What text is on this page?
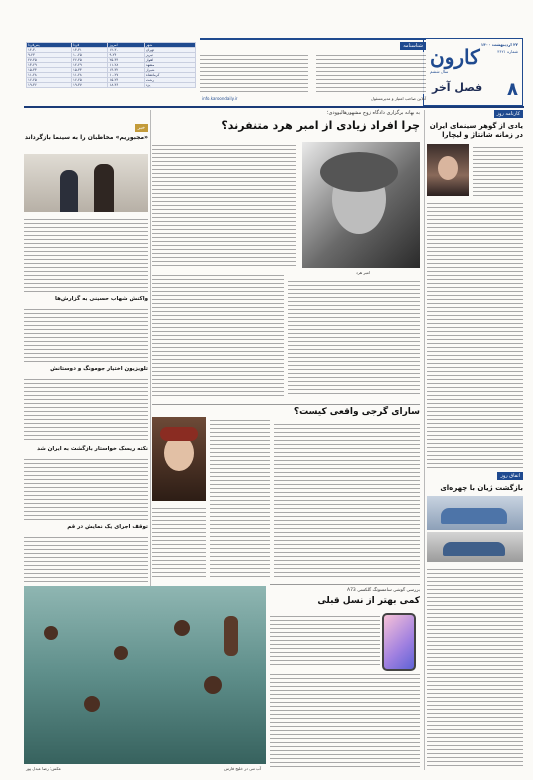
۲۲ اردیبهشت ۱۴۰۰
شماره ۳۶۲۱
کارون
سال ششم
۸
فصل آخر
شناسنامه
آنلاین صاحب امتیاز و مدیرمسئول
info.karoondaily.ir
پس‌فردا	فردا	امروز	شهر
۱۴-۳۰	۱۳-۳۱	۱۲-۳۰	تهران
۹-۲۳	۱۰-۲۵	۹-۲۴	تبریز
۲۷-۴۵	۲۶-۴۵	۲۵-۴۴	اهواز
۱۳-۲۹	۱۲-۲۹	۱۱-۲۸	مشهد
۱۵-۳۳	۱۵-۳۳	۱۴-۳۲	شیراز
۱۱-۲۸	۱۱-۲۸	۱۰-۲۷	کرمانشاه
۱۶-۲۵	۱۶-۲۵	۱۵-۲۴	رشت
۱۹-۳۶	۱۹-۳۷	۱۸-۳۶	یزد
کارنامه روز
یادی از گوهر سینمای ایران در زمانه شانتاژ و لیچارا
اتفاق روز
بازگشت ژیان با چهره‌ای
به بهانه برگزاری دادگاه زوج مشهورهالیوودی؛
چرا افراد زیادی از امبر هرد متنفرند؟
امبر هرد
خبر
«مجبوریم» مخاطبان را به سینما بازگرداند
واکنش شهاب حسینی به گزارش‌ها
تلویزیون اختیار جومونگ و دوستانش
نکته ریسک خواستار بازگشت به ایران شد
توقف اجرای یک نمایش در قم
سارای گرجی واقعی کیست؟
بررسی گوشی سامسونگ گلکسی A73
کمی بهتر از نسل قبلی
آب تنی در خلیج فارس
عکس: رضا عبدل پور
